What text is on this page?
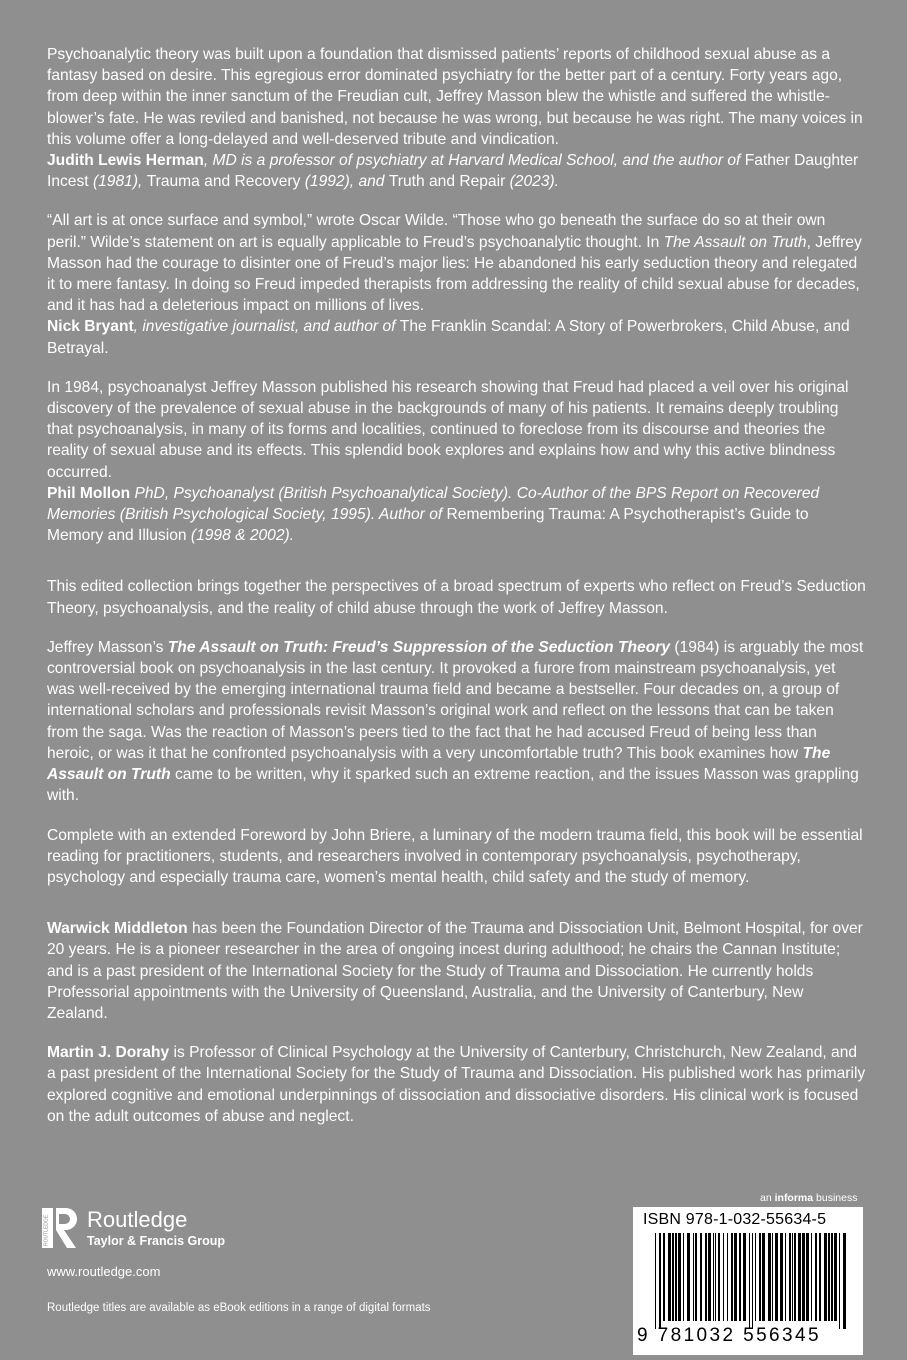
Psychoanalytic theory was built upon a foundation that dismissed patients’ reports of childhood sexual abuse as a fantasy based on desire. This egregious error dominated psychiatry for the better part of a century. Forty years ago, from deep within the inner sanctum of the Freudian cult, Jeffrey Masson blew the whistle and suffered the whistle-blower’s fate. He was reviled and banished, not because he was wrong, but because he was right. The many voices in this volume offer a long-delayed and well-deserved tribute and vindication.

Judith Lewis Herman, MD is a professor of psychiatry at Harvard Medical School, and the author of Father Daughter Incest (1981), Trauma and Recovery (1992), and Truth and Repair (2023).

“All art is at once surface and symbol,” wrote Oscar Wilde. “Those who go beneath the surface do so at their own peril.” Wilde’s statement on art is equally applicable to Freud’s psychoanalytic thought. In The Assault on Truth, Jeffrey Masson had the courage to disinter one of Freud’s major lies: He abandoned his early seduction theory and relegated it to mere fantasy. In doing so Freud impeded therapists from addressing the reality of child sexual abuse for decades, and it has had a deleterious impact on millions of lives.

Nick Bryant, investigative journalist, and author of The Franklin Scandal: A Story of Powerbrokers, Child Abuse, and Betrayal.

In 1984, psychoanalyst Jeffrey Masson published his research showing that Freud had placed a veil over his original discovery of the prevalence of sexual abuse in the backgrounds of many of his patients. It remains deeply troubling that psychoanalysis, in many of its forms and localities, continued to foreclose from its discourse and theories the reality of sexual abuse and its effects. This splendid book explores and explains how and why this active blindness occurred.

Phil Mollon PhD, Psychoanalyst (British Psychoanalytical Society). Co-Author of the BPS Report on Recovered Memories (British Psychological Society, 1995). Author of Remembering Trauma: A Psychotherapist’s Guide to Memory and Illusion (1998 & 2002).

This edited collection brings together the perspectives of a broad spectrum of experts who reflect on Freud’s Seduction Theory, psychoanalysis, and the reality of child abuse through the work of Jeffrey Masson.

Jeffrey Masson’s The Assault on Truth: Freud’s Suppression of the Seduction Theory (1984) is arguably the most controversial book on psychoanalysis in the last century. It provoked a furore from mainstream psychoanalysis, yet was well-received by the emerging international trauma field and became a bestseller. Four decades on, a group of international scholars and professionals revisit Masson’s original work and reflect on the lessons that can be taken from the saga. Was the reaction of Masson’s peers tied to the fact that he had accused Freud of being less than heroic, or was it that he confronted psychoanalysis with a very uncomfortable truth? This book examines how The Assault on Truth came to be written, why it sparked such an extreme reaction, and the issues Masson was grappling with.

Complete with an extended Foreword by John Briere, a luminary of the modern trauma field, this book will be essential reading for practitioners, students, and researchers involved in contemporary psychoanalysis, psychotherapy, psychology and especially trauma care, women’s mental health, child safety and the study of memory.

Warwick Middleton has been the Foundation Director of the Trauma and Dissociation Unit, Belmont Hospital, for over 20 years. He is a pioneer researcher in the area of ongoing incest during adulthood; he chairs the Cannan Institute; and is a past president of the International Society for the Study of Trauma and Dissociation. He currently holds Professorial appointments with the University of Queensland, Australia, and the University of Canterbury, New Zealand.

Martin J. Dorahy is Professor of Clinical Psychology at the University of Canterbury, Christchurch, New Zealand, and a past president of the International Society for the Study of Trauma and Dissociation. His published work has primarily explored cognitive and emotional underpinnings of dissociation and dissociative disorders. His clinical work is focused on the adult outcomes of abuse and neglect.

ROUTLEDGE Routledge
Taylor & Francis Group
www.routledge.com
Routledge titles are available as eBook editions in a range of digital formats
an informa business
ISBN 978-1-032-55634-5
9 781032 556345
